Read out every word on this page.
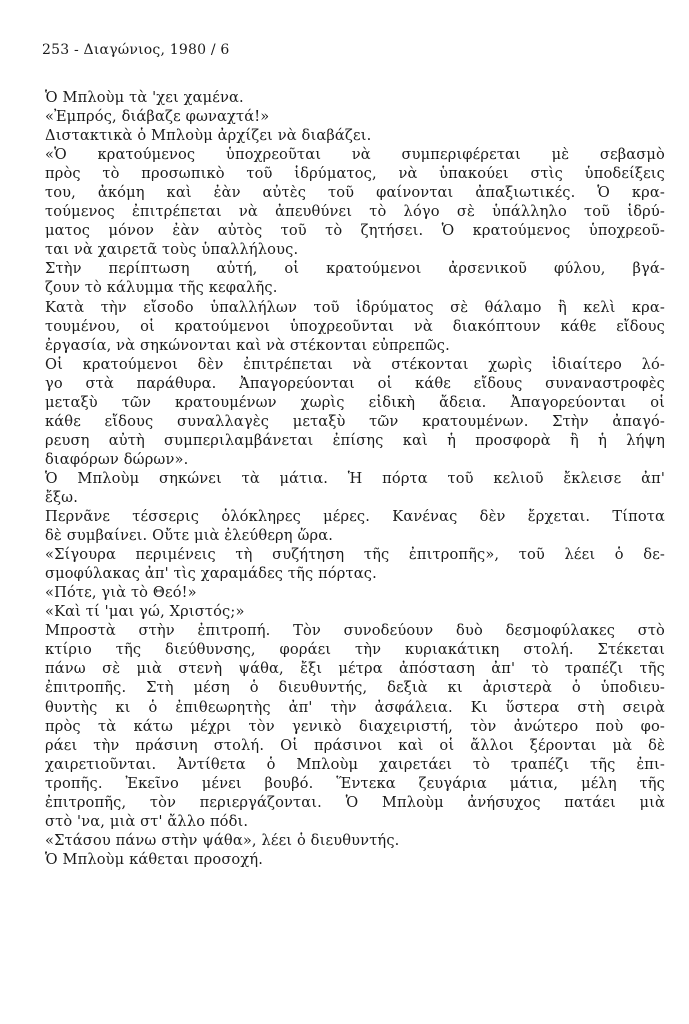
253 - Διαγώνιος, 1980 / 6
Ὁ Μπλοὺμ τὰ 'χει χαμένα.
«Ἐμπρός, διάβαζε φωναχτά!»
Διστακτικὰ ὁ Μπλοὺμ ἀρχίζει νὰ διαβάζει.
«Ὁ κρατούμενος ὑποχρεοῦται νὰ συμπεριφέρεται μὲ σεβασμὸ
πρὸς τὸ προσωπικὸ τοῦ ἱδρύματος, νὰ ὑπακούει στὶς ὑποδείξεις
του, ἀκόμη καὶ ἐὰν αὐτὲς τοῦ φαίνονται ἀπαξιωτικές. Ὁ κρα-
τούμενος ἐπιτρέπεται νὰ ἀπευθύνει τὸ λόγο σὲ ὑπάλληλο τοῦ ἱδρύ-
ματος μόνον ἐὰν αὐτὸς τοῦ τὸ ζητήσει. Ὁ κρατούμενος ὑποχρεοῦ-
ται νὰ χαιρετᾶ τοὺς ὑπαλλήλους.
Στὴν περίπτωση αὐτή, οἱ κρατούμενοι ἀρσενικοῦ φύλου, βγά-
ζουν τὸ κάλυμμα τῆς κεφαλῆς.
Κατὰ τὴν εἴσοδο ὑπαλλήλων τοῦ ἱδρύματος σὲ θάλαμο ἢ κελὶ κρα-
τουμένου, οἱ κρατούμενοι ὑποχρεοῦνται νὰ διακόπτουν κάθε εἴδους
ἐργασία, νὰ σηκώνονται καὶ νὰ στέκονται εὐπρεπῶς.
Οἱ κρατούμενοι δὲν ἐπιτρέπεται νὰ στέκονται χωρὶς ἰδιαίτερο λό-
γο στὰ παράθυρα. Ἀπαγορεύονται οἱ κάθε εἴδους συναναστροφὲς
μεταξὺ τῶν κρατουμένων χωρὶς εἰδικὴ ἄδεια. Ἀπαγορεύονται οἱ
κάθε εἴδους συναλλαγὲς μεταξὺ τῶν κρατουμένων. Στὴν ἀπαγό-
ρευση αὐτὴ συμπεριλαμβάνεται ἐπίσης καὶ ἡ προσφορὰ ἢ ἡ λήψη
διαφόρων δώρων».
Ὁ Μπλοὺμ σηκώνει τὰ μάτια. Ἡ πόρτα τοῦ κελιοῦ ἔκλεισε ἀπ'
ἔξω.
Περνᾶνε τέσσερις ὁλόκληρες μέρες. Κανένας δὲν ἔρχεται. Τίποτα
δὲ συμβαίνει. Οὔτε μιὰ ἐλεύθερη ὥρα.
«Σίγουρα περιμένεις τὴ συζήτηση τῆς ἐπιτροπῆς», τοῦ λέει ὁ δε-
σμοφύλακας ἀπ' τὶς χαραμάδες τῆς πόρτας.
«Πότε, γιὰ τὸ Θεό!»
«Καὶ τί 'μαι γώ, Χριστός;»
Μπροστὰ στὴν ἐπιτροπή. Τὸν συνοδεύουν δυὸ δεσμοφύλακες στὸ
κτίριο τῆς διεύθυνσης, φοράει τὴν κυριακάτικη στολή. Στέκεται
πάνω σὲ μιὰ στενὴ ψάθα, ἔξι μέτρα ἀπόσταση ἀπ' τὸ τραπέζι τῆς
ἐπιτροπῆς. Στὴ μέση ὁ διευθυντής, δεξιὰ κι ἀριστερὰ ὁ ὑποδιευ-
θυντὴς κι ὁ ἐπιθεωρητὴς ἀπ' τὴν ἀσφάλεια. Κι ὕστερα στὴ σειρὰ
πρὸς τὰ κάτω μέχρι τὸν γενικὸ διαχειριστή, τὸν ἀνώτερο ποὺ φο-
ράει τὴν πράσινη στολή. Οἱ πράσινοι καὶ οἱ ἄλλοι ξέρονται μὰ δὲ
χαιρετιοῦνται. Ἀντίθετα ὁ Μπλοὺμ χαιρετάει τὸ τραπέζι τῆς ἐπι-
τροπῆς. Ἐκεῖνο μένει βουβό. Ἕντεκα ζευγάρια μάτια, μέλη τῆς
ἐπιτροπῆς, τὸν περιεργάζονται. Ὁ Μπλοὺμ ἀνήσυχος πατάει μιὰ
στὸ 'να, μιὰ στ' ἄλλο πόδι.
«Στάσου πάνω στὴν ψάθα», λέει ὁ διευθυντής.
Ὁ Μπλοὺμ κάθεται προσοχή.
